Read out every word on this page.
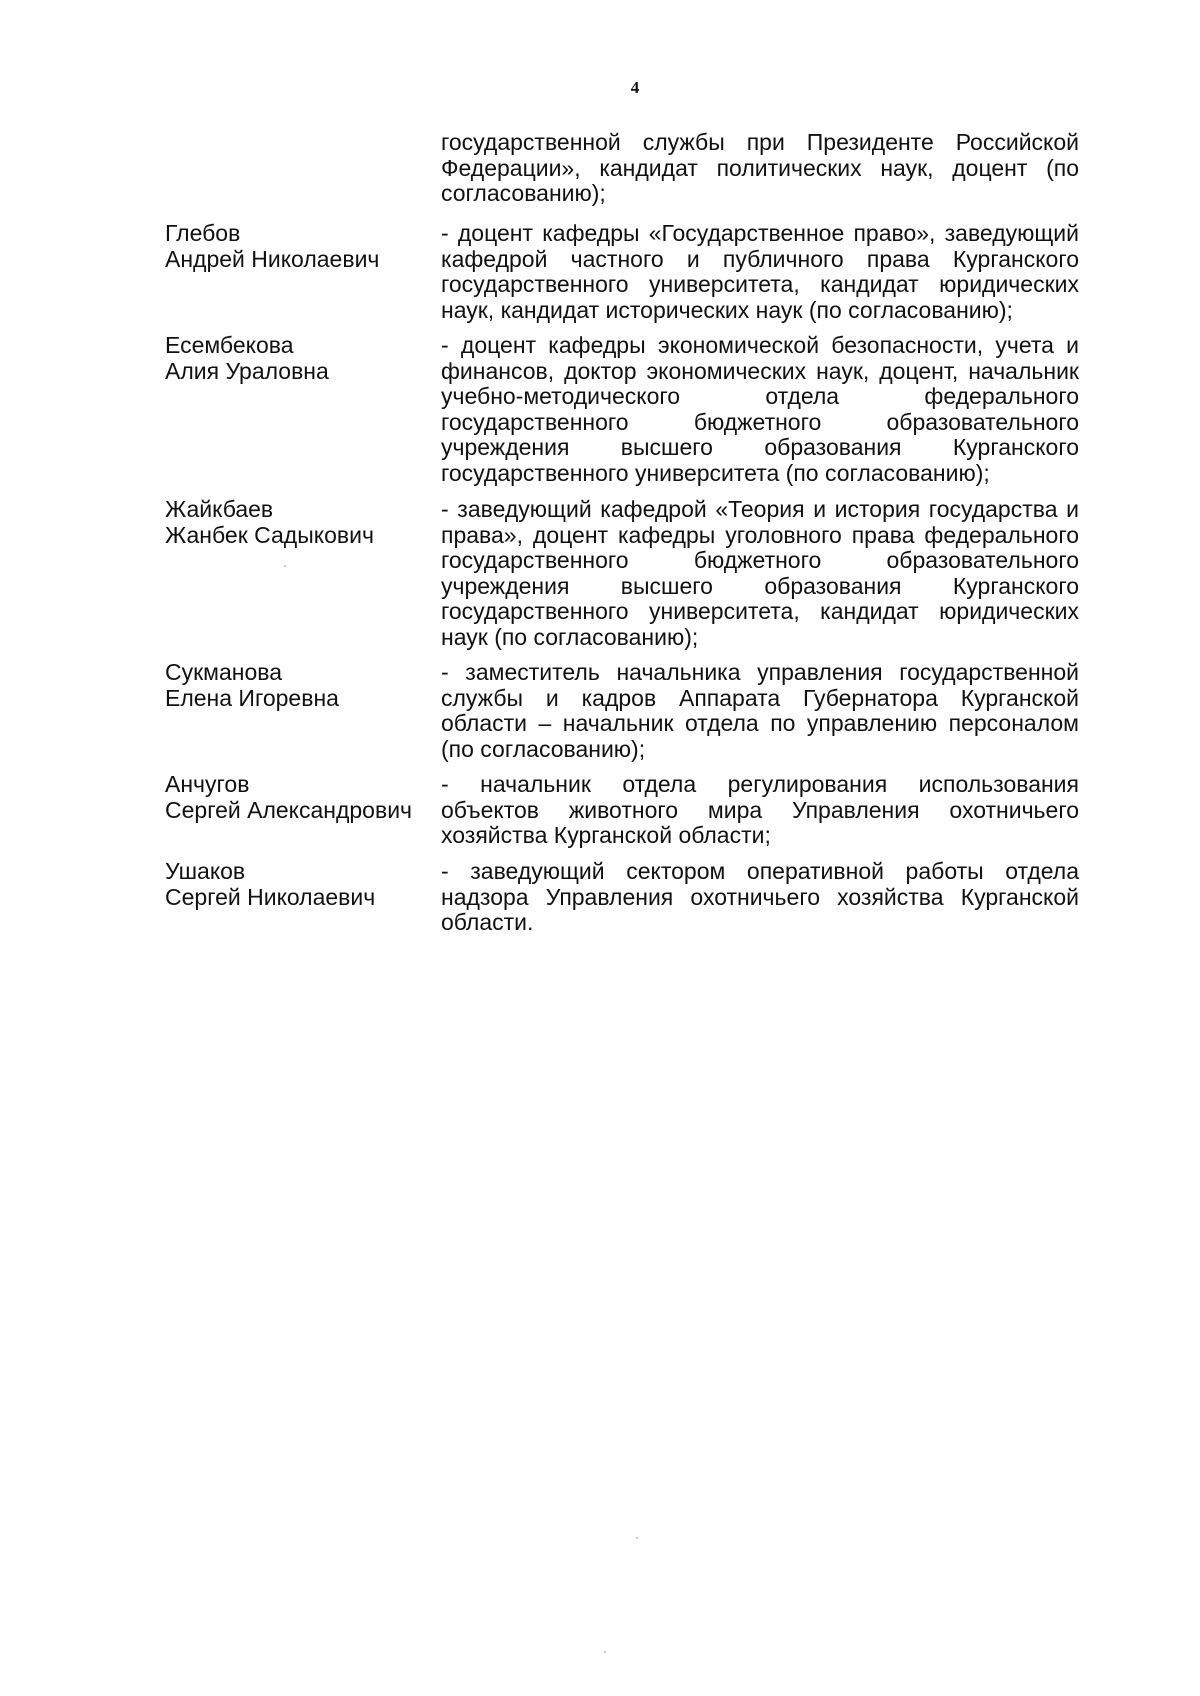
4
государственной службы при Президенте Российской Федерации», кандидат политических наук, доцент (по согласованию);
Глебов
Андрей Николаевич
- доцент кафедры «Государственное право», заведующий кафедрой частного и публичного права Курганского государственного университета, кандидат юридических наук, кандидат исторических наук (по согласованию);
Есембекова
Алия Ураловна
- доцент кафедры экономической безопасности, учета и финансов, доктор экономических наук, доцент, начальник учебно-методического отдела федерального государственного бюджетного образовательного учреждения высшего образования Курганского государственного университета (по согласованию);
Жайкбаев
Жанбек Садыкович
- заведующий кафедрой «Теория и история государства и права», доцент кафедры уголовного права федерального государственного бюджетного образовательного учреждения высшего образования Курганского государственного университета, кандидат юридических наук (по согласованию);
Сукманова
Елена Игоревна
- заместитель начальника управления государственной службы и кадров Аппарата Губернатора Курганской области – начальник отдела по управлению персоналом (по согласованию);
Анчугов
Сергей Александрович
- начальник отдела регулирования использования объектов животного мира Управления охотничьего хозяйства Курганской области;
Ушаков
Сергей Николаевич
- заведующий сектором оперативной работы отдела надзора Управления охотничьего хозяйства Курганской области.
